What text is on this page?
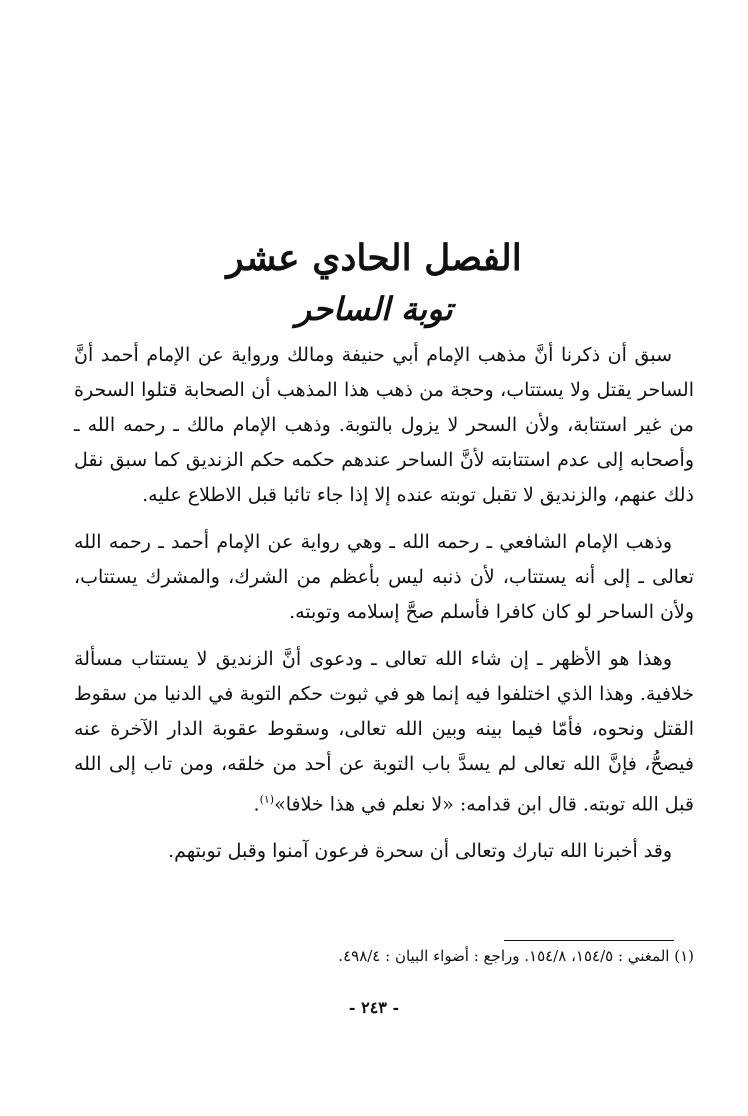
الفصل الحادي عشر
توبة الساحر

سبق أن ذكرنا أنَّ مذهب الإمام أبي حنيفة ومالك ورواية عن الإمام أحمد أنَّ الساحر يقتل ولا يستتاب، وحجة من ذهب هذا المذهب أن الصحابة قتلوا السحرة من غير استتابة، ولأن السحر لا يزول بالتوبة. وذهب الإمام مالك ـ رحمه الله ـ وأصحابه إلى عدم استتابته لأنَّ الساحر عندهم حكمه حكم الزنديق كما سبق نقل ذلك عنهم، والزنديق لا تقبل توبته عنده إلا إذا جاء تائبا قبل الاطلاع عليه.

وذهب الإمام الشافعي ـ رحمه الله ـ وهي رواية عن الإمام أحمد ـ رحمه الله تعالى ـ إلى أنه يستتاب، لأن ذنبه ليس بأعظم من الشرك، والمشرك يستتاب، ولأن الساحر لو كان كافرا فأسلم صحَّ إسلامه وتوبته.

وهذا هو الأظهر ـ إن شاء الله تعالى ـ ودعوى أنَّ الزنديق لا يستتاب مسألة خلافية. وهذا الذي اختلفوا فيه إنما هو في ثبوت حكم التوبة في الدنيا من سقوط القتل ونحوه، فأمّا فيما بينه وبين الله تعالى، وسقوط عقوبة الدار الآخرة عنه فيصحُّ، فإنَّ الله تعالى لم يسدَّ باب التوبة عن أحد من خلقه، ومن تاب إلى الله قبل الله توبته. قال ابن قدامه: «لا نعلم في هذا خلافا»$^{(١)}$.

وقد أخبرنا الله تبارك وتعالى أن سحرة فرعون آمنوا وقبل توبتهم.

(١) المغني : ١٥٤/٥، ١٥٤/٨. وراجع : أضواء البيان : ٤٩٨/٤.
- ٢٤٣ -
